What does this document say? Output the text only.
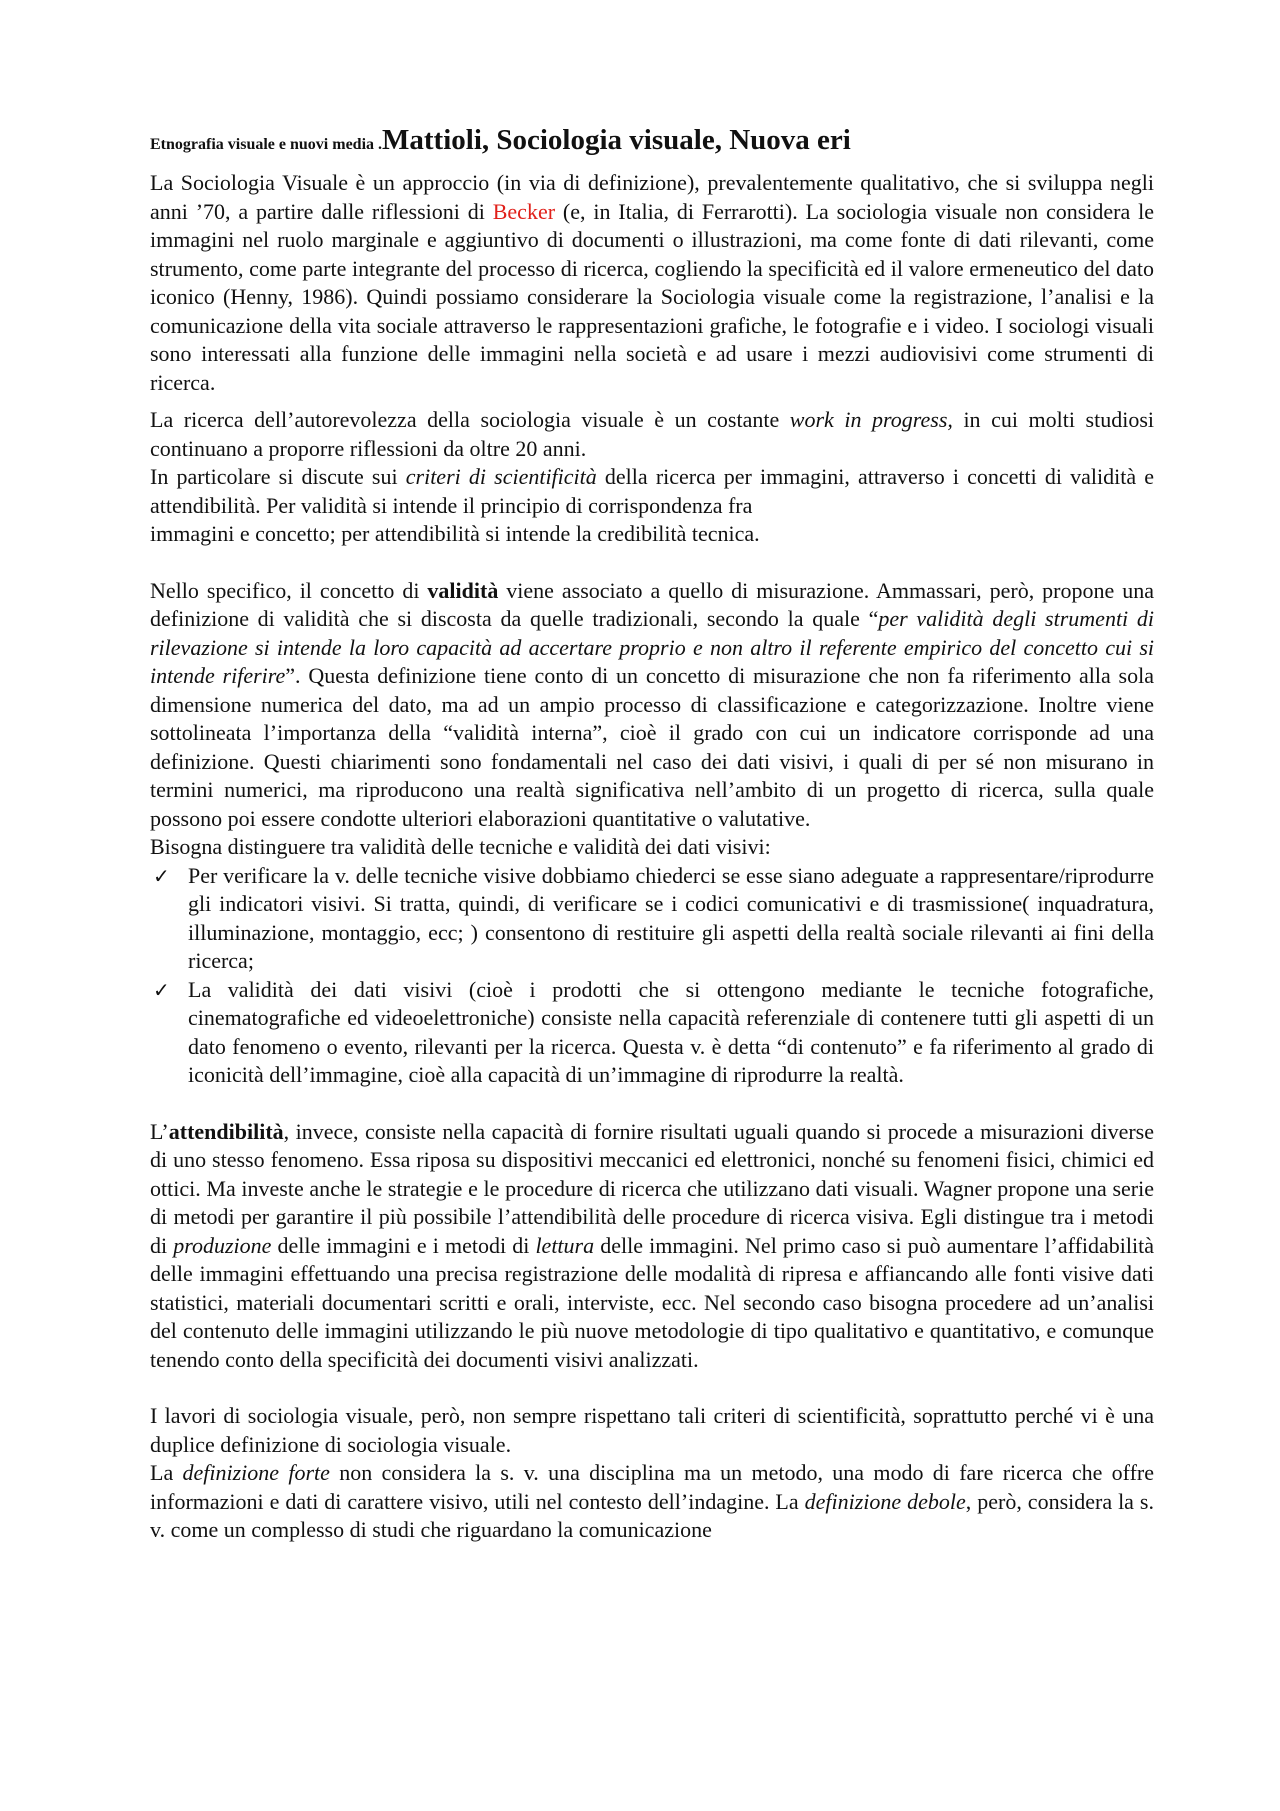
Etnografia visuale e nuovi media .Mattioli, Sociologia visuale, Nuova eri

La Sociologia Visuale è un approccio (in via di definizione), prevalentemente qualitativo, che si sviluppa negli anni ’70, a partire dalle riflessioni di Becker (e, in Italia, di Ferrarotti). La sociologia visuale non considera le immagini nel ruolo marginale e aggiuntivo di documenti o illustrazioni, ma come fonte di dati rilevanti, come strumento, come parte integrante del processo di ricerca, cogliendo la specificità ed il valore ermeneutico del dato iconico (Henny, 1986). Quindi possiamo considerare la Sociologia visuale come la registrazione, l’analisi e la comunicazione della vita sociale attraverso le rappresentazioni grafiche, le fotografie e i video. I sociologi visuali sono interessati alla funzione delle immagini nella società e ad usare i mezzi audiovisivi come strumenti di ricerca.

La ricerca dell’autorevolezza della sociologia visuale è un costante work in progress, in cui molti studiosi continuano a proporre riflessioni da oltre 20 anni.

In particolare si discute sui criteri di scientificità della ricerca per immagini, attraverso i concetti di validità e attendibilità. Per validità si intende il principio di corrispondenza fra
immagini e concetto; per attendibilità si intende la credibilità tecnica.

Nello specifico, il concetto di validità viene associato a quello di misurazione. Ammassari, però, propone una definizione di validità che si discosta da quelle tradizionali, secondo la quale “per validità degli strumenti di rilevazione si intende la loro capacità ad accertare proprio e non altro il referente empirico del concetto cui si intende riferire”. Questa definizione tiene conto di un concetto di misurazione che non fa riferimento alla sola dimensione numerica del dato, ma ad un ampio processo di classificazione e categorizzazione. Inoltre viene sottolineata l’importanza della “validità interna”, cioè il grado con cui un indicatore corrisponde ad una definizione. Questi chiarimenti sono fondamentali nel caso dei dati visivi, i quali di per sé non misurano in termini numerici, ma riproducono una realtà significativa nell’ambito di un progetto di ricerca, sulla quale possono poi essere condotte ulteriori elaborazioni quantitative o valutative.

Bisogna distinguere tra validità delle tecniche e validità dei dati visivi:

✓ Per verificare la v. delle tecniche visive dobbiamo chiederci se esse siano adeguate a rappresentare/riprodurre gli indicatori visivi. Si tratta, quindi, di verificare se i codici comunicativi e di trasmissione( inquadratura, illuminazione, montaggio, ecc; ) consentono di restituire gli aspetti della realtà sociale rilevanti ai fini della ricerca;
✓ La validità dei dati visivi (cioè i prodotti che si ottengono mediante le tecniche fotografiche, cinematografiche ed videoelettroniche) consiste nella capacità referenziale di contenere tutti gli aspetti di un dato fenomeno o evento, rilevanti per la ricerca. Questa v. è detta “di contenuto” e fa riferimento al grado di iconicità dell’immagine, cioè alla capacità di un’immagine di riprodurre la realtà.

L’attendibilità, invece, consiste nella capacità di fornire risultati uguali quando si procede a misurazioni diverse di uno stesso fenomeno. Essa riposa su dispositivi meccanici ed elettronici, nonché su fenomeni fisici, chimici ed ottici. Ma investe anche le strategie e le procedure di ricerca che utilizzano dati visuali. Wagner propone una serie di metodi per garantire il più possibile l’attendibilità delle procedure di ricerca visiva. Egli distingue tra i metodi di produzione delle immagini e i metodi di lettura delle immagini. Nel primo caso si può aumentare l’affidabilità delle immagini effettuando una precisa registrazione delle modalità di ripresa e affiancando alle fonti visive dati statistici, materiali documentari scritti e orali, interviste, ecc. Nel secondo caso bisogna procedere ad un’analisi del contenuto delle immagini utilizzando le più nuove metodologie di tipo qualitativo e quantitativo, e comunque tenendo conto della specificità dei documenti visivi analizzati.

I lavori di sociologia visuale, però, non sempre rispettano tali criteri di scientificità, soprattutto perché vi è una duplice definizione di sociologia visuale.

La definizione forte non considera la s. v. una disciplina ma un metodo, una modo di fare ricerca che offre informazioni e dati di carattere visivo, utili nel contesto dell’indagine. La definizione debole, però, considera la s. v. come un complesso di studi che riguardano la comunicazione
